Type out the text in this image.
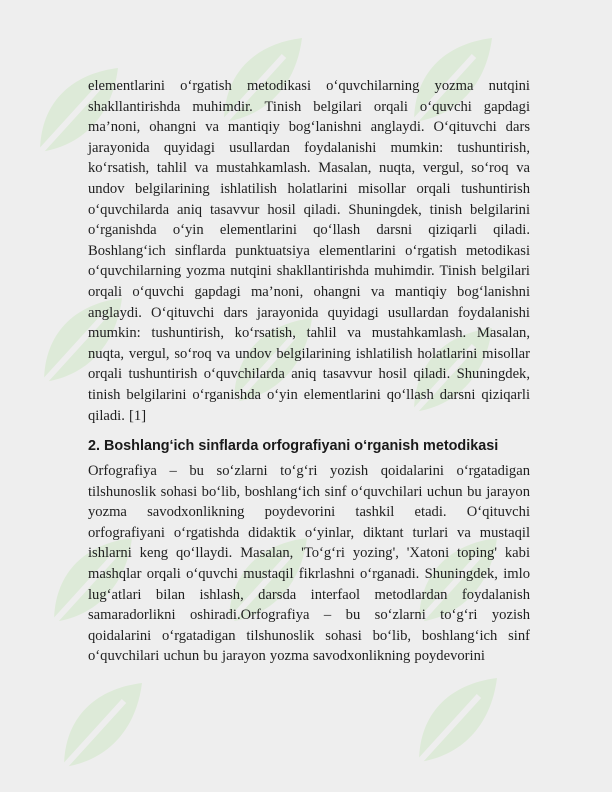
elementlarini o‘rgatish metodikasi o‘quvchilarning yozma nutqini shakllantirishda muhimdir. Tinish belgilari orqali o‘quvchi gapdagi ma’noni, ohangni va mantiqiy bog‘lanishni anglaydi. O‘qituvchi dars jarayonida quyidagi usullardan foydalanishi mumkin: tushuntirish, ko‘rsatish, tahlil va mustahkamlash. Masalan, nuqta, vergul, so‘roq va undov belgilarining ishlatilish holatlarini misollar orqali tushuntirish o‘quvchilarda aniq tasavvur hosil qiladi. Shuningdek, tinish belgilarini o‘rganishda o‘yin elementlarini qo‘llash darsni qiziqarli qiladi. Boshlang‘ich sinflarda punktuatsiya elementlarini o‘rgatish metodikasi o‘quvchilarning yozma nutqini shakllantirishda muhimdir. Tinish belgilari orqali o‘quvchi gapdagi ma’noni, ohangni va mantiqiy bog‘lanishni anglaydi. O‘qituvchi dars jarayonida quyidagi usullardan foydalanishi mumkin: tushuntirish, ko‘rsatish, tahlil va mustahkamlash. Masalan, nuqta, vergul, so‘roq va undov belgilarining ishlatilish holatlarini misollar orqali tushuntirish o‘quvchilarda aniq tasavvur hosil qiladi. Shuningdek, tinish belgilarini o‘rganishda o‘yin elementlarini qo‘llash darsni qiziqarli qiladi. [1]

2. Boshlang‘ich sinflarda orfografiyani o‘rganish metodikasi

Orfografiya – bu so‘zlarni to‘g‘ri yozish qoidalarini o‘rgatadigan tilshunoslik sohasi bo‘lib, boshlang‘ich sinf o‘quvchilari uchun bu jarayon yozma savodxonlikning poydevorini tashkil etadi. O‘qituvchi orfografiyani o‘rgatishda didaktik o‘yinlar, diktant turlari va mustaqil ishlarni keng qo‘llaydi. Masalan, 'To‘g‘ri yozing', 'Xatoni toping' kabi mashqlar orqali o‘quvchi mustaqil fikrlashni o‘rganadi. Shuningdek, imlo lug‘atlari bilan ishlash, darsda interfaol metodlardan foydalanish samaradorlikni oshiradi.Orfografiya – bu so‘zlarni to‘g‘ri yozish qoidalarini o‘rgatadigan tilshunoslik sohasi bo‘lib, boshlang‘ich sinf o‘quvchilari uchun bu jarayon yozma savodxonlikning poydevorini
